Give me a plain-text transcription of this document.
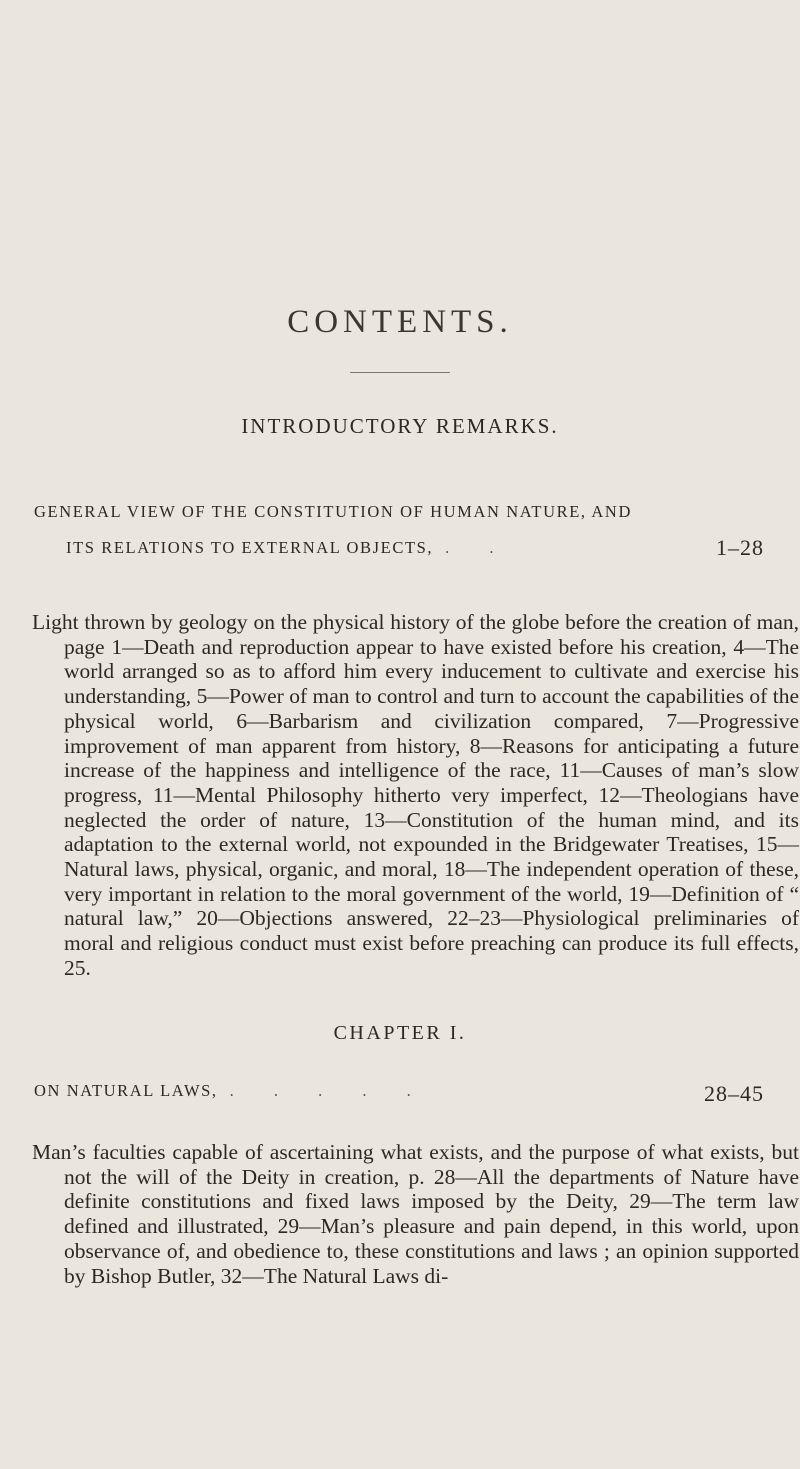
CONTENTS.
INTRODUCTORY REMARKS.
GENERAL VIEW OF THE CONSTITUTION OF HUMAN NATURE, AND
ITS RELATIONS TO EXTERNAL OBJECTS, . .	1–28
Light thrown by geology on the physical history of the globe before the creation of man, page 1—Death and reproduction appear to have existed before his creation, 4—The world arranged so as to afford him every inducement to cultivate and exercise his understanding, 5—Power of man to control and turn to account the capabilities of the physical world, 6—Barbarism and civilization compared, 7—Progressive improvement of man apparent from history, 8—Reasons for anticipating a future increase of the happiness and intelligence of the race, 11—Causes of man’s slow progress, 11—Mental Philosophy hitherto very imperfect, 12—Theologians have neglected the order of nature, 13—Constitution of the human mind, and its adaptation to the external world, not expounded in the Bridgewater Treatises, 15—Natural laws, physical, organic, and moral, 18—The independent operation of these, very important in relation to the moral government of the world, 19—Definition of “ natural law,” 20—Objections answered, 22–23—Physiological preliminaries of moral and religious conduct must exist before preaching can produce its full effects, 25.
CHAPTER I.
ON NATURAL LAWS, . . . . .	28–45
Man’s faculties capable of ascertaining what exists, and the purpose of what exists, but not the will of the Deity in creation, p. 28—All the departments of Nature have definite constitutions and fixed laws imposed by the Deity, 29—The term law defined and illustrated, 29—Man’s pleasure and pain depend, in this world, upon observance of, and obedience to, these constitutions and laws ; an opinion supported by Bishop Butler, 32—The Natural Laws di-
